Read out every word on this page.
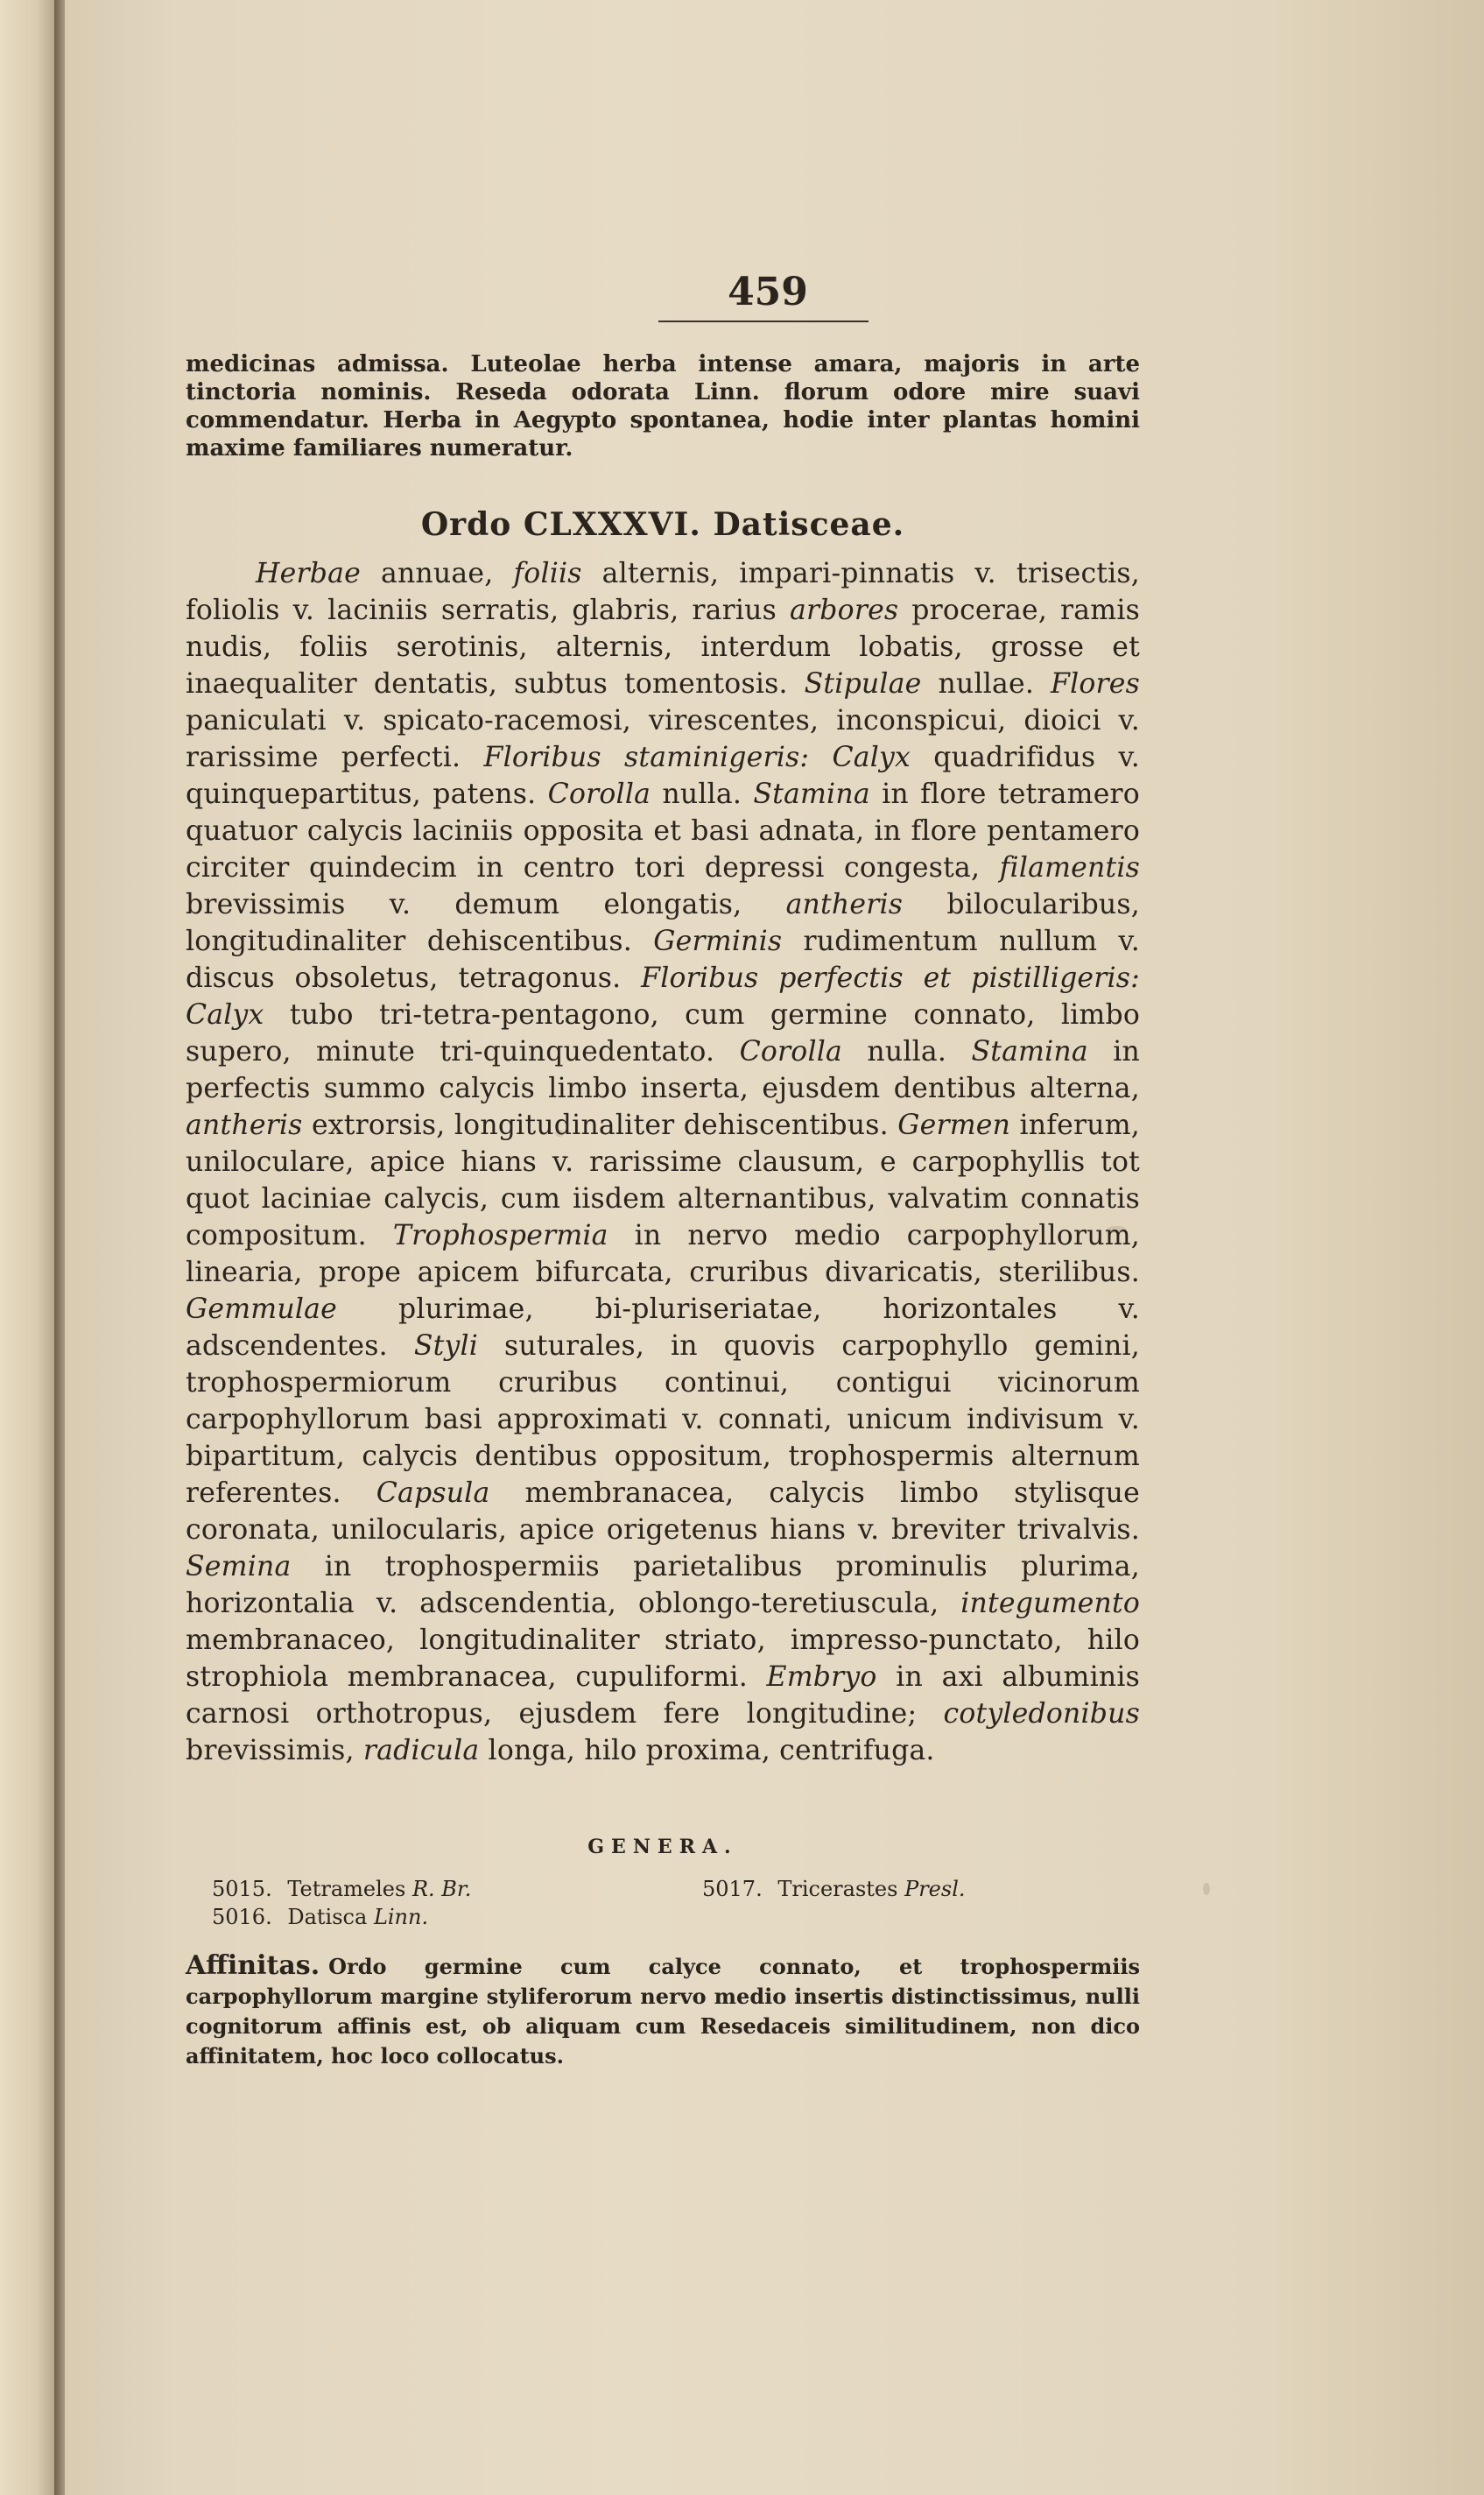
459
medicinas admissa. Luteolae herba intense amara, majoris in arte tinctoria nominis. Reseda odorata Linn. florum odore mire suavi commendatur. Herba in Aegypto spontanea, hodie inter plantas homini maxime familiares numeratur.
Ordo CLXXXVI. Datisceae.

Herbae annuae, foliis alternis, impari-pinnatis v. trisectis, foliolis v. laciniis serratis, glabris, rarius arbores procerae, ramis nudis, foliis serotinis, alternis, interdum lobatis, grosse et inaequaliter dentatis, subtus tomentosis. Stipulae nullae. Flores paniculati v. spicato-racemosi, virescentes, inconspicui, dioici v. rarissime perfecti. Floribus staminigeris: Calyx quadrifidus v. quinquepartitus, patens. Corolla nulla. Stamina in flore tetramero quatuor calycis laciniis opposita et basi adnata, in flore pentamero circiter quindecim in centro tori depressi congesta, filamentis brevissimis v. demum elongatis, antheris bilocularibus, longitudinaliter dehiscentibus. Germinis rudimentum nullum v. discus obsoletus, tetragonus. Floribus perfectis et pistilligeris: Calyx tubo tri-tetra-pentagono, cum germine connato, limbo supero, minute tri-quinquedentato. Corolla nulla. Stamina in perfectis summo calycis limbo inserta, ejusdem dentibus alterna, antheris extrorsis, longitudinaliter dehiscentibus. Germen inferum, uniloculare, apice hians v. rarissime clausum, e carpophyllis tot quot laciniae calycis, cum iisdem alternantibus, valvatim connatis compositum. Trophospermia in nervo medio carpophyllorum, linearia, prope apicem bifurcata, cruribus divaricatis, sterilibus. Gemmulae plurimae, bi-pluriseriatae, horizontales v. adscendentes. Styli suturales, in quovis carpophyllo gemini, trophospermiorum cruribus continui, contigui vicinorum carpophyllorum basi approximati v. connati, unicum indivisum v. bipartitum, calycis dentibus oppositum, trophospermis alternum referentes. Capsula membranacea, calycis limbo stylisque coronata, unilocularis, apice origetenus hians v. breviter trivalvis. Semina in trophospermiis parietalibus prominulis plurima, horizontalia v. adscendentia, oblongo-teretiuscula, integumento membranaceo, longitudinaliter striato, impresso-punctato, hilo strophiola membranacea, cupuliformi. Embryo in axi albuminis carnosi orthotropus, ejusdem fere longitudine; cotyledonibus brevissimis, radicula longa, hilo proxima, centrifuga.

GENERA.
5015. Tetrameles R. Br.
5016. Datisca Linn.
5017. Tricerastes Presl.
Affinitas. Ordo germine cum calyce connato, et trophospermiis carpophyllorum margine styliferorum nervo medio insertis distinctissimus, nulli cognitorum affinis est, ob aliquam cum Resedaceis similitudinem, non dico affinitatem, hoc loco collocatus.
